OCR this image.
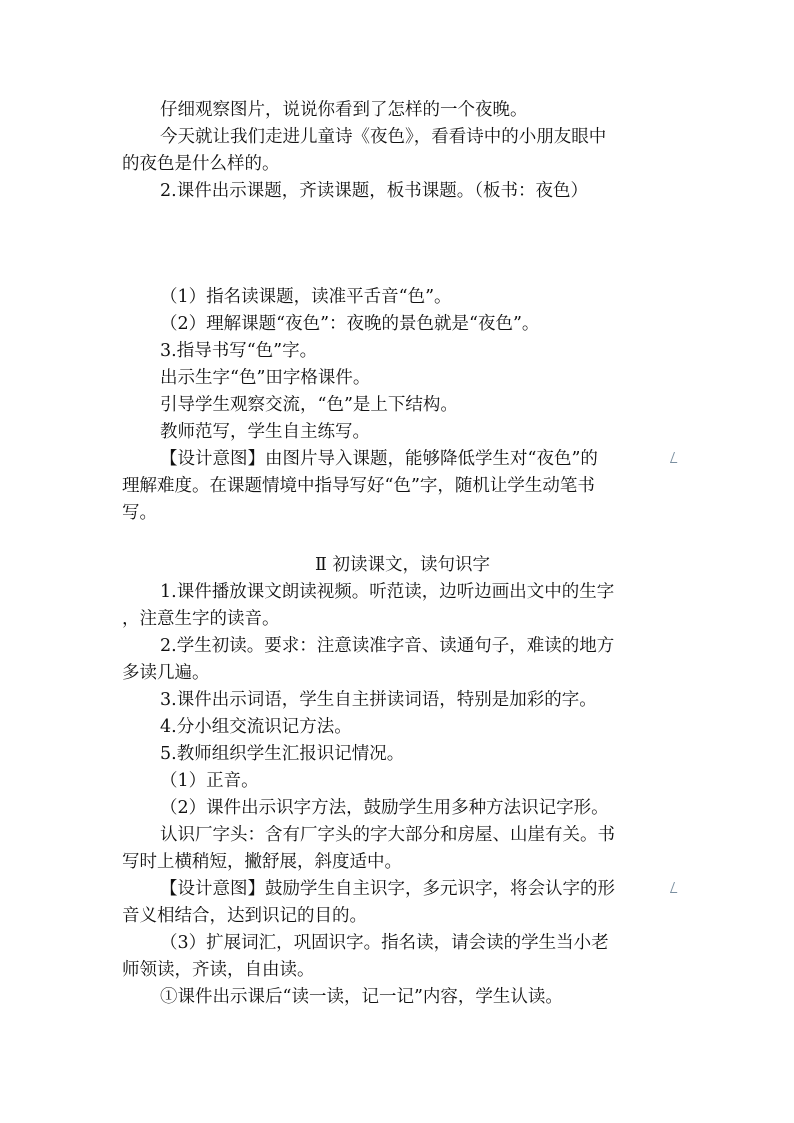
仔细观察图片，说说你看到了怎样的一个夜晚。
今天就让我们走进儿童诗《夜色》，看看诗中的小朋友眼中
的夜色是什么样的。
2.课件出示课题，齐读课题，板书课题。（板书：夜色）
（1）指名读课题，读准平舌音“色”。
（2）理解课题“夜色”：夜晚的景色就是“夜色”。
3.指导书写“色”字。
出示生字“色”田字格课件。
引导学生观察交流，“色”是上下结构。
教师范写，学生自主练写。
【设计意图】由图片导入课题，能够降低学生对“夜色”的
理解难度。在课题情境中指导写好“色”字，随机让学生动笔书
写。
Ⅱ 初读课文，读句识字
1.课件播放课文朗读视频。听范读，边听边画出文中的生字
，注意生字的读音。
2.学生初读。要求：注意读准字音、读通句子，难读的地方
多读几遍。
3.课件出示词语，学生自主拼读词语，特别是加彩的字。
4.分小组交流识记方法。
5.教师组织学生汇报识记情况。
（1）正音。
（2）课件出示识字方法，鼓励学生用多种方法识记字形。
认识厂字头：含有厂字头的字大部分和房屋、山崖有关。书
写时上横稍短，撇舒展，斜度适中。
【设计意图】鼓励学生自主识字，多元识字，将会认字的形
音义相结合，达到识记的目的。
（3）扩展词汇，巩固识字。指名读，请会读的学生当小老
师领读，齐读，自由读。
①课件出示课后“读一读，记一记”内容，学生认读。
